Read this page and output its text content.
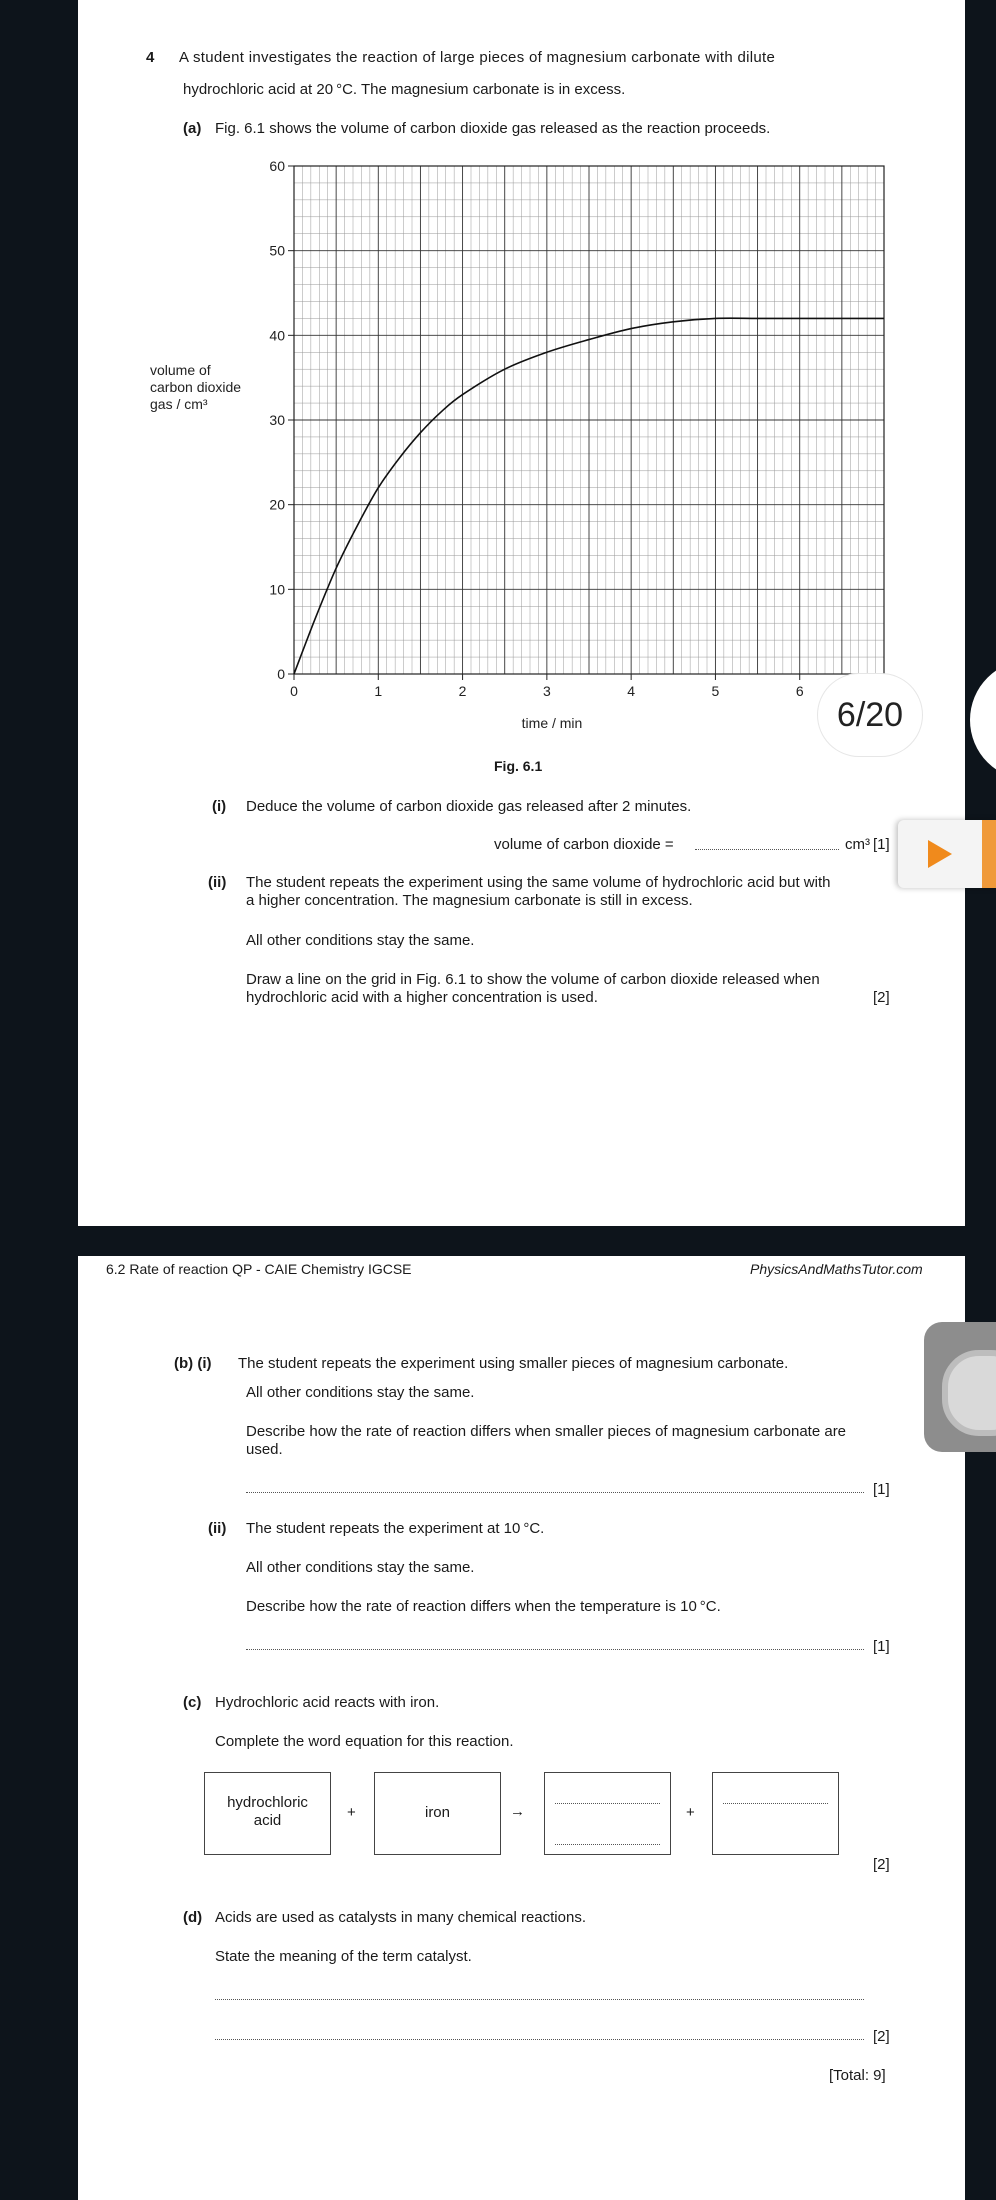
4 A student investigates the reaction of large pieces of magnesium carbonate with dilute
hydrochloric acid at 20 °C. The magnesium carbonate is in excess.
(a) Fig. 6.1 shows the volume of carbon dioxide gas released as the reaction proceeds.
0
10
20
30
40
50
60
0	1	2	3	4	5	6
volume of
carbon dioxide
gas / cm³
time / min
Fig. 6.1
(i) Deduce the volume of carbon dioxide gas released after 2 minutes.
volume of carbon dioxide =	cm³ [1]
(ii) The student repeats the experiment using the same volume of hydrochloric acid but with
a higher concentration. The magnesium carbonate is still in excess.
All other conditions stay the same.
Draw a line on the grid in Fig. 6.1 to show the volume of carbon dioxide released when
hydrochloric acid with a higher concentration is used.	[2]
6/20
6.2 Rate of reaction QP - CAIE Chemistry IGCSE	PhysicsAndMathsTutor.com
(b) (i) The student repeats the experiment using smaller pieces of magnesium carbonate.
All other conditions stay the same.
Describe how the rate of reaction differs when smaller pieces of magnesium carbonate are
used.
[1]
(ii) The student repeats the experiment at 10 °C.
All other conditions stay the same.
Describe how the rate of reaction differs when the temperature is 10 °C.
[1]
(c) Hydrochloric acid reacts with iron.
Complete the word equation for this reaction.
hydrochloric
acid	+	iron	→	+
[2]
(d) Acids are used as catalysts in many chemical reactions.
State the meaning of the term catalyst.
[2]
[Total: 9]
